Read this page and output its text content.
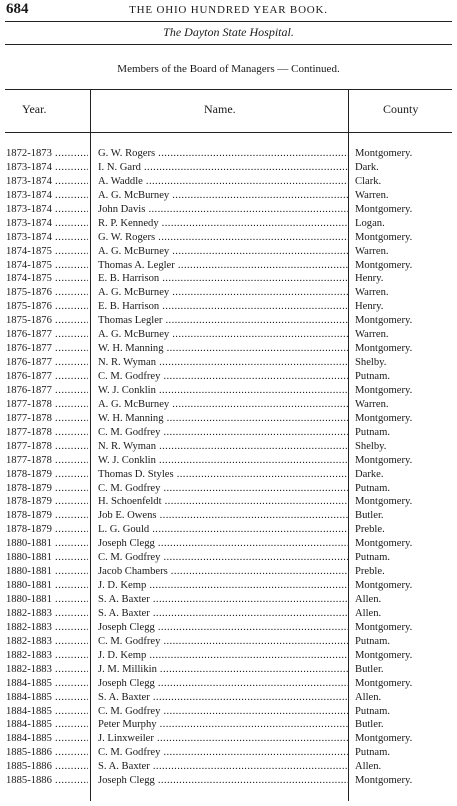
684	THE OHIO HUNDRED YEAR BOOK.
The Dayton State Hospital.
Members of the Board of Managers — Continued.
Year.	Name.	County
1872-1873 .....	G. W. Rogers .....	Montgomery.
1873-1874 .....	I. N. Gard .....	Dark.
1873-1874 .....	A. Waddle .....	Clark.
1873-1874 .....	A. G. McBurney .....	Warren.
1873-1874 .....	John Davis .....	Montgomery.
1873-1874 .....	R. P. Kennedy .....	Logan.
1873-1874 .....	G. W. Rogers .....	Montgomery.
1874-1875 .....	A. G. McBurney .....	Warren.
1874-1875 .....	Thomas A. Legler .....	Montgomery.
1874-1875 .....	E. B. Harrison .....	Henry.
1875-1876 .....	A. G. McBurney .....	Warren.
1875-1876 .....	E. B. Harrison .....	Henry.
1875-1876 .....	Thomas Legler .....	Montgomery.
1876-1877 .....	A. G. McBurney .....	Warren.
1876-1877 .....	W. H. Manning .....	Montgomery.
1876-1877 .....	N. R. Wyman .....	Shelby.
1876-1877 .....	C. M. Godfrey .....	Putnam.
1876-1877 .....	W. J. Conklin .....	Montgomery.
1877-1878 .....	A. G. McBurney .....	Warren.
1877-1878 .....	W. H. Manning .....	Montgomery.
1877-1878 .....	C. M. Godfrey .....	Putnam.
1877-1878 .....	N. R. Wyman .....	Shelby.
1877-1878 .....	W. J. Conklin .....	Montgomery.
1878-1879 .....	Thomas D. Styles .....	Darke.
1878-1879 .....	C. M. Godfrey .....	Putnam.
1878-1879 .....	H. Schoenfeldt .....	Montgomery.
1878-1879 .....	Job E. Owens .....	Butler.
1878-1879 .....	L. G. Gould .....	Preble.
1880-1881 .....	Joseph Clegg .....	Montgomery.
1880-1881 .....	C. M. Godfrey .....	Putnam.
1880-1881 .....	Jacob Chambers .....	Preble.
1880-1881 .....	J. D. Kemp .....	Montgomery.
1880-1881 .....	S. A. Baxter .....	Allen.
1882-1883 .....	S. A. Baxter .....	Allen.
1882-1883 .....	Joseph Clegg .....	Montgomery.
1882-1883 .....	C. M. Godfrey .....	Putnam.
1882-1883 .....	J. D. Kemp .....	Montgomery.
1882-1883 .....	J. M. Millikin .....	Butler.
1884-1885 .....	Joseph Clegg .....	Montgomery.
1884-1885 .....	S. A. Baxter .....	Allen.
1884-1885 .....	C. M. Godfrey .....	Putnam.
1884-1885 .....	Peter Murphy .....	Butler.
1884-1885 .....	J. Linxweiler .....	Montgomery.
1885-1886 .....	C. M. Godfrey .....	Putnam.
1885-1886 .....	S. A. Baxter .....	Allen.
1885-1886 .....	Joseph Clegg .....	Montgomery.
